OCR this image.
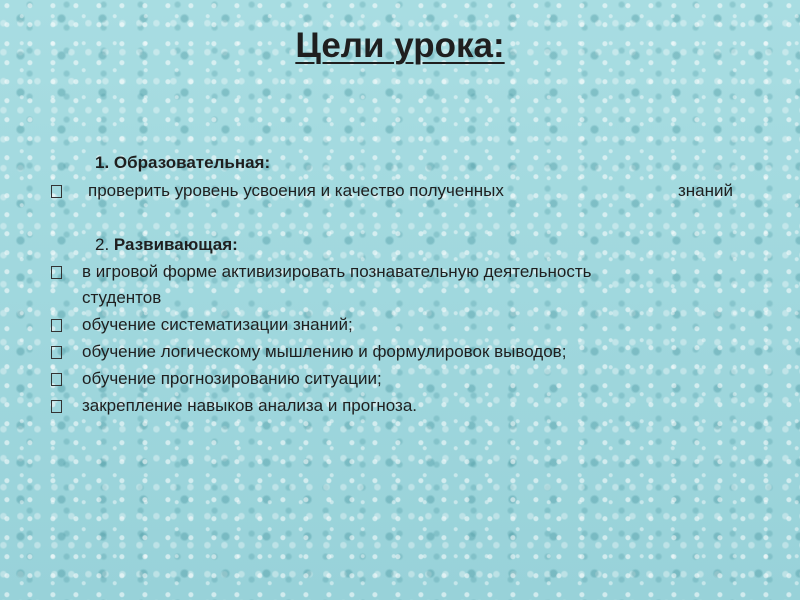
Цели урока:
1. Образовательная:
проверить уровень усвоения и качество полученных	знаний
2. Развивающая:
в игровой форме активизировать познавательную деятельность
студентов
обучение систематизации знаний;
обучение логическому мышлению и формулировок выводов;
обучение прогнозированию ситуации;
закрепление навыков анализа и прогноза.
